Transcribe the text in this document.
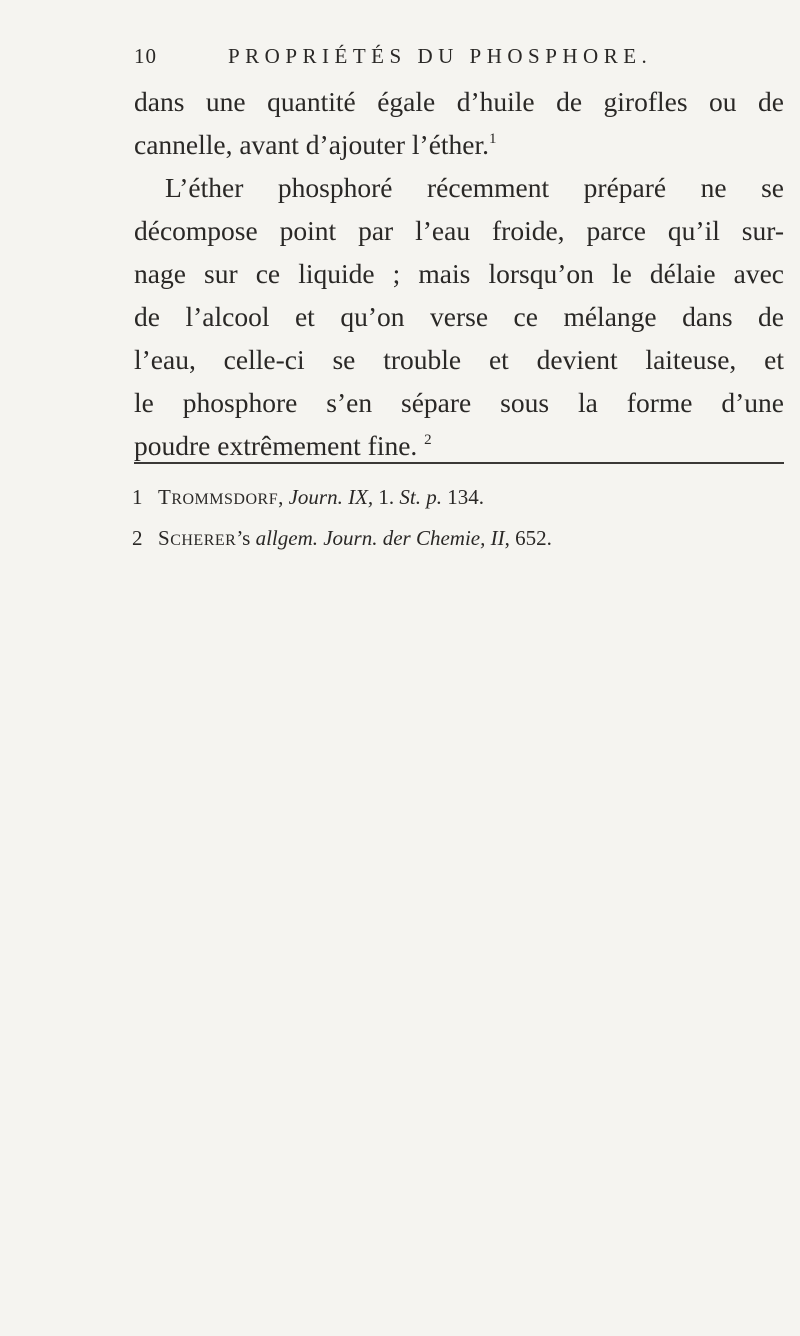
10	PROPRIÉTÉS DU PHOSPHORE.
dans une quantité égale d’huile de girofles ou de
cannelle, avant d’ajouter l’éther.$^1$
L’éther phosphoré récemment préparé ne se
décompose point par l’eau froide, parce qu’il sur-
nage sur ce liquide ; mais lorsqu’on le délaie avec
de l’alcool et qu’on verse ce mélange dans de
l’eau, celle-ci se trouble et devient laiteuse, et
le phosphore s’en sépare sous la forme d’une
poudre extrêmement fine. $^2$
1 TROMMSDORF, Journ. IX, 1. St. p. 134.
2 SCHERER’s allgem. Journ. der Chemie, II, 652.
